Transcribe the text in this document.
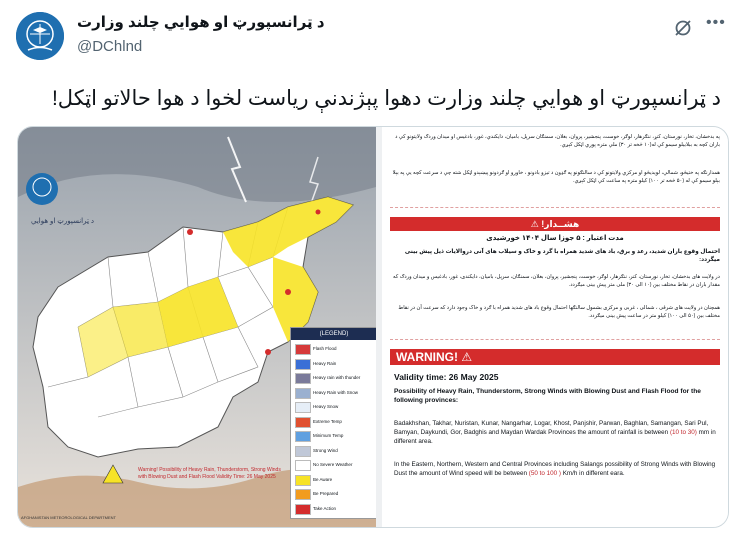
د ټرانسپورټ او هوايي چلند وزارت
@DChlnd
•••
د ټرانسپورټ او هوايي چلند وزارت دهوا پېژندنې ریاست لخوا د هوا حالاتو اټکل!
د ټرانسپورټ او هوايي
(LEGEND)
Flash Flood
Heavy Rain
Heavy rain with thunder
Heavy Rain with Snow
Heavy Snow
Extreme Temp
Minimum Temp
Strong Wind
No Severe Weather
Be Aware
Be Prepared
Take Action
Warning! Possibility of Heavy Rain, Thunderstorm, Strong Winds with Blowing Dust and Flash Flood Validity Time: 26 May 2025
AFGHANISTAN METEOROLOGICAL DEPARTMENT
په بدخشان، تخار، نورستان، کنړ، ننګرهار، لوګر، خوست، پنجشیر، پروان، بغلان، سمنګان سرپل، بامیان، دایکندي، غور، بادغیس او میدان وردګ ولایتونو کې د باران کچه به ببلابیلو سیمو کې له(۱۰ څخه تر ۳۰) ملي متره پورې اټکل کېږي.
همدارنګه په ختیځو، شمالي، لویدیځو او مرکزي ولایتونو کې د سالنګونو په ګډون د تیزو بادونو ، خاورو او ګردونو پیښېدو اټکل شته چې د سرعت کچه یې په بېلا بېلو سیمو کې له (۵۰ څخه تر ۱۰۰) کیلو متره په ساعت کې اټکل کېږي.
هشــدار! ⚠
مدت اعتبار : ۵ جوزا سال ۱۴۰۴ خورشیدی
احتمال وقوع باران شدید، رعد و برق، باد های شدید همراه با گرد و خاک و سیلاب های آنی دروالایات ذیل پیش بینی میگردد:
در ولایت های بدخشان، تخار، نورستان، کنر، ننګرهار، لوګر، خوست، پنجشیر، پروان، بغلان، سمنګان، سرپل، بامیان، دایکندی، غور، بادغیس و میدان وردګ که مقدار باران در نقاط مختلف بین (۱۰ الی ۳۰) ملی متر پیش بینی میګردد.
همچنان در ولایت های شرقی ، شمالی ، غربی و مرکزی بشمول سالنګها احتمال وقوع باد های شدید همراه با ګرد و خاک وجود دارد که سرعت آن در نقاط مختلف بین (۵۰ الی ۱۰۰) کیلو متر در ساعت پیش بینی میګردد.
WARNING! ⚠
Validity time: 26 May 2025
Possibility of Heavy Rain, Thunderstorm, Strong Winds with Blowing Dust and Flash Flood for the following provinces:
Badakhshan, Takhar, Nuristan, Kunar, Nangarhar, Logar, Khost, Panjshir, Parwan, Baghlan, Samangan, Sari Pul, Bamyan, Daykundi, Gor, Badghis and Maydan Wardak Provinces the amount of rainfall is between (10 to 30) mm in different area.
In the Eastern, Northern, Western and Central Provinces including Salangs possibility of Strong Winds with Blowing Dust the amount of Wind speed will be between (50 to 100 ) Km/h in different eara.
